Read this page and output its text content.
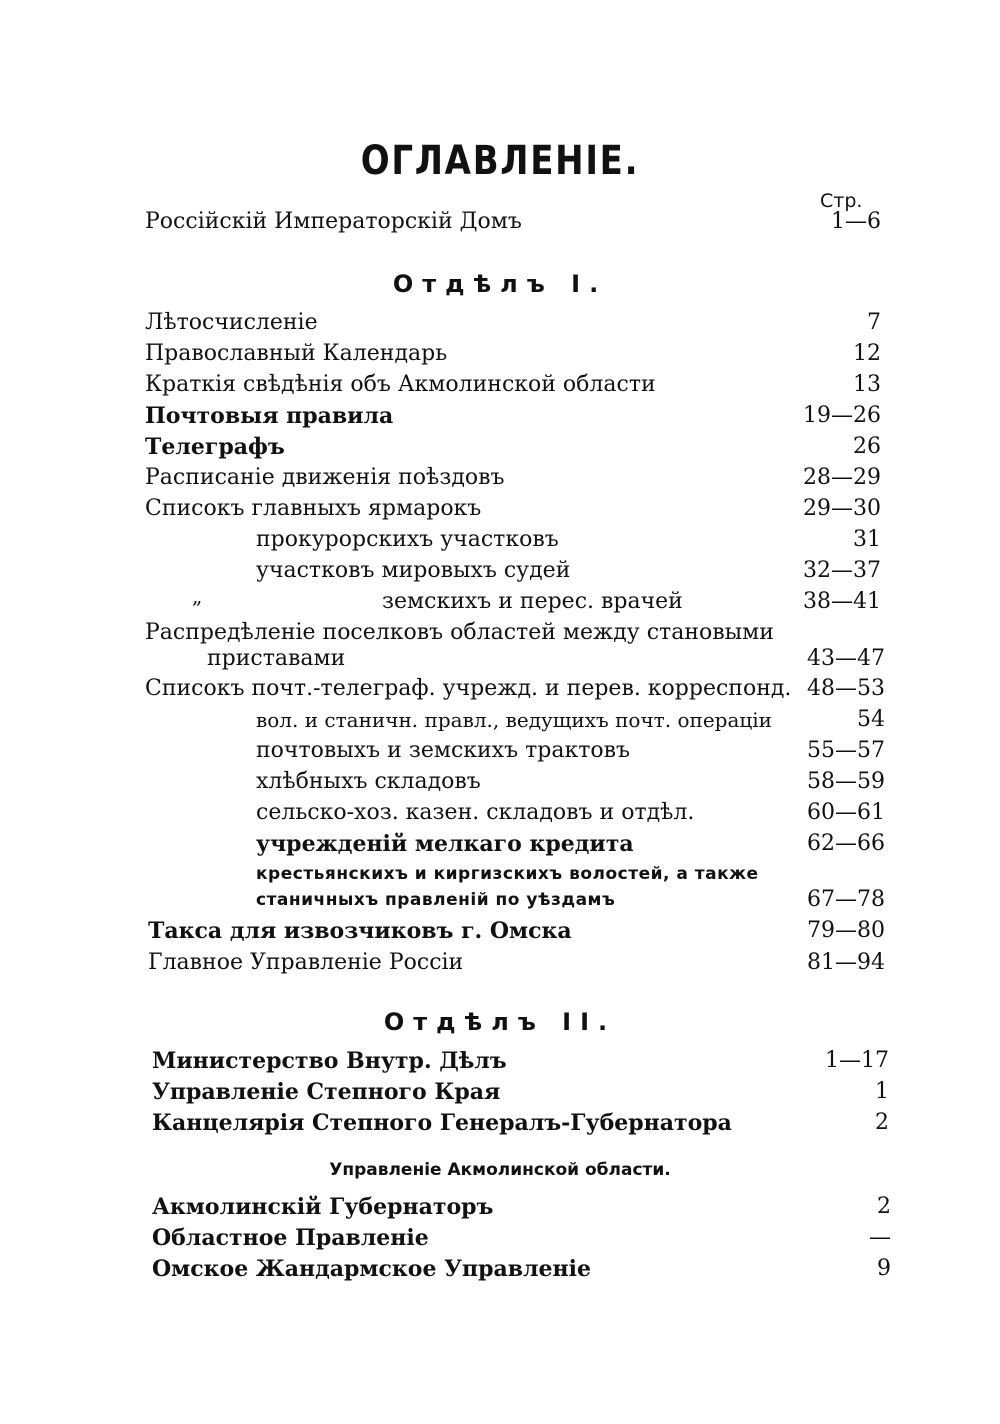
ОГЛАВЛЕНІЕ.
Стр.
Россійскій Императорскій Домъ	1—6
Отдѣлъ I.
Лѣтосчисленіе	7
Православный Календарь	12
Краткія свѣдѣнія объ Акмолинской области	13
Почтовыя правила	19—26
Телеграфъ	26
Расписаніе движенія поѣздовъ	28—29
Списокъ главныхъ ярмарокъ	29—30
прокурорскихъ участковъ	31
участковъ мировыхъ судей	32—37
„	земскихъ и перес. врачей	38—41
Распредѣленіе поселковъ областей между становыми
приставами	43—47
Списокъ почт.-телеграф. учрежд. и перев. корреспонд. 48—53
вол. и станичн. правл., ведущихъ почт. операціи	54
почтовыхъ и земскихъ трактовъ	55—57
хлѣбныхъ складовъ	58—59
сельско-хоз. казен. складовъ и отдѣл.	60—61
учрежденій мелкаго кредита	62—66
крестьянскихъ и киргизскихъ волостей, а также
станичныхъ правленій по уѣздамъ	67—78
Такса для извозчиковъ г. Омска	79—80
Главное Управленіе Россіи	81—94
Отдѣлъ II.
Министерство Внутр. Дѣлъ	1—17
Управленіе Степного Края	1
Канцелярія Степного Генералъ-Губернатора	2
Управленіе Акмолинской области.
Акмолинскій Губернаторъ	2
Областное Правленіе	—
Омское Жандармское Управленіе	9
